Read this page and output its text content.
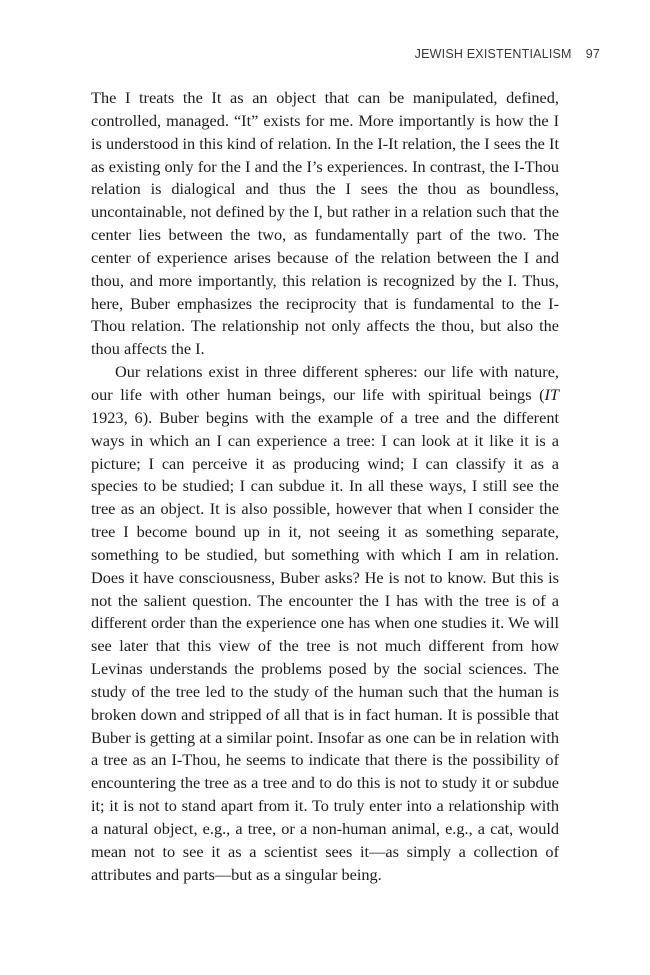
JEWISH EXISTENTIALISM 97

The I treats the It as an object that can be manipulated, defined, controlled, managed. “It” exists for me. More importantly is how the I is understood in this kind of relation. In the I-It relation, the I sees the It as existing only for the I and the I’s experiences. In contrast, the I-Thou relation is dialogical and thus the I sees the thou as boundless, uncontainable, not defined by the I, but rather in a relation such that the center lies between the two, as fundamentally part of the two. The center of experience arises because of the relation between the I and thou, and more importantly, this relation is recognized by the I. Thus, here, Buber emphasizes the reciprocity that is fundamental to the I-Thou relation. The relationship not only affects the thou, but also the thou affects the I.

Our relations exist in three different spheres: our life with nature, our life with other human beings, our life with spiritual beings (IT 1923, 6). Buber begins with the example of a tree and the different ways in which an I can experience a tree: I can look at it like it is a picture; I can perceive it as producing wind; I can classify it as a species to be studied; I can subdue it. In all these ways, I still see the tree as an object. It is also possible, however that when I consider the tree I become bound up in it, not seeing it as something separate, something to be studied, but something with which I am in relation. Does it have consciousness, Buber asks? He is not to know. But this is not the salient question. The encounter the I has with the tree is of a different order than the experience one has when one studies it. We will see later that this view of the tree is not much different from how Levinas understands the problems posed by the social sciences. The study of the tree led to the study of the human such that the human is broken down and stripped of all that is in fact human. It is possible that Buber is getting at a similar point. Insofar as one can be in relation with a tree as an I-Thou, he seems to indicate that there is the possibility of encountering the tree as a tree and to do this is not to study it or subdue it; it is not to stand apart from it. To truly enter into a relationship with a natural object, e.g., a tree, or a non-human animal, e.g., a cat, would mean not to see it as a scientist sees it—as simply a collection of attributes and parts—but as a singular being.
